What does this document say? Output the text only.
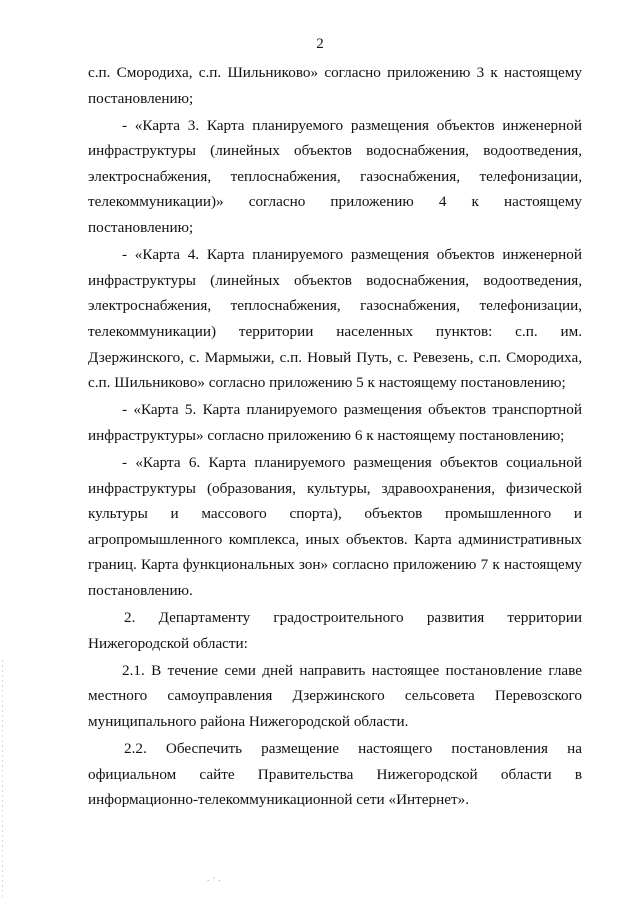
2

с.п. Смородиха, с.п. Шильниково» согласно приложению 3 к настоящему постановлению;

- «Карта 3. Карта планируемого размещения объектов инженерной инфраструктуры (линейных объектов водоснабжения, водоотведения, электроснабжения, теплоснабжения, газоснабжения, телефонизации, телекоммуникации)» согласно приложению 4 к настоящему постановлению;

- «Карта 4. Карта планируемого размещения объектов инженерной инфраструктуры (линейных объектов водоснабжения, водоотведения, электроснабжения, теплоснабжения, газоснабжения, телефонизации, телекоммуникации) территории населенных пунктов: с.п. им. Дзержинского, с. Мармыжи, с.п. Новый Путь, с. Ревезень, с.п. Смородиха, с.п. Шильниково» согласно приложению 5 к настоящему постановлению;

- «Карта 5. Карта планируемого размещения объектов транспортной инфраструктуры» согласно приложению 6 к настоящему постановлению;

- «Карта 6. Карта планируемого размещения объектов социальной инфраструктуры (образования, культуры, здравоохранения, физической культуры и массового спорта), объектов промышленного и агропромышленного комплекса, иных объектов. Карта административных границ. Карта функциональных зон» согласно приложению 7 к настоящему постановлению.

2. Департаменту градостроительного развития территории Нижегородской области:

2.1. В течение семи дней направить настоящее постановление главе местного самоуправления Дзержинского сельсовета Перевозского муниципального района Нижегородской области.

2.2. Обеспечить размещение настоящего постановления на официальном сайте Правительства Нижегородской области в информационно-телекоммуникационной сети «Интернет».

.·.
